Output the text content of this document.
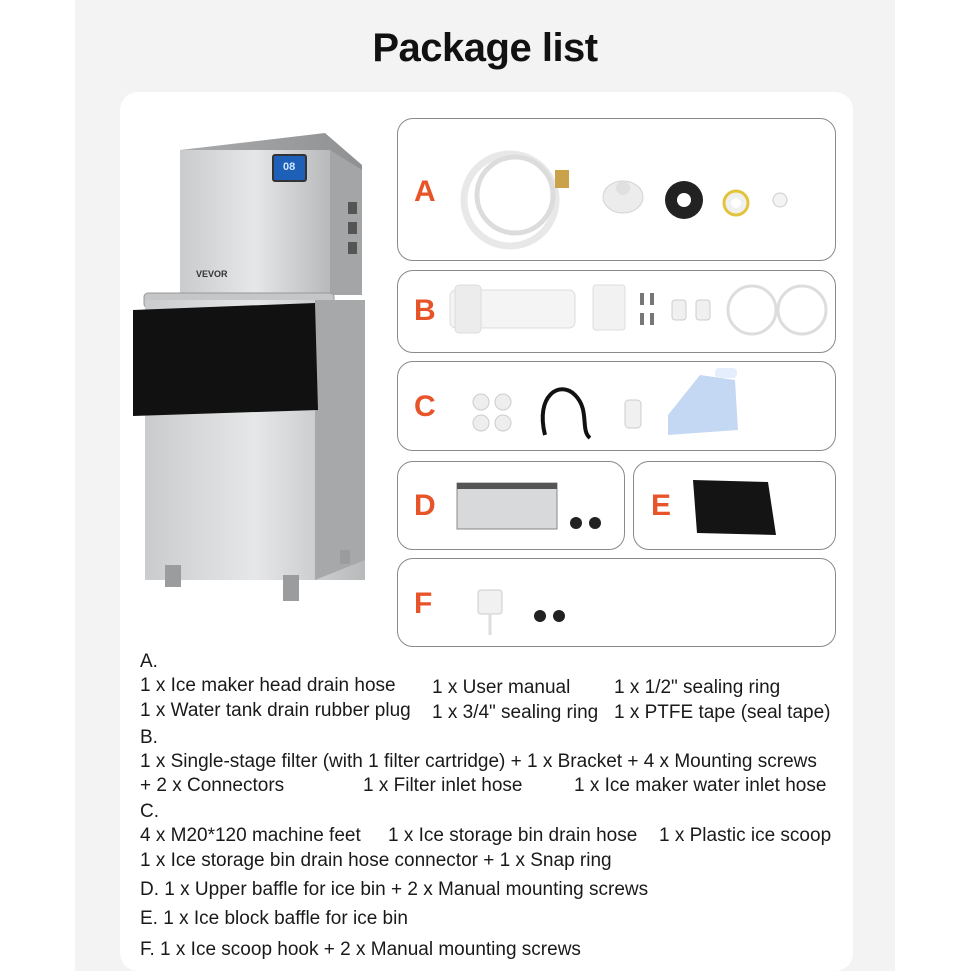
Package list
VEVOR
08
A
B
C
D	E
F
A.
1 x Ice maker head drain hose 1 x User manual 1 x 1/2" sealing ring
1 x Water tank drain rubber plug 1 x 3/4" sealing ring 1 x PTFE tape (seal tape)
B.
1 x Single-stage filter (with 1 filter cartridge) + 1 x Bracket + 4 x Mounting screws
+ 2 x Connectors	1 x Filter inlet hose	1 x Ice maker water inlet hose
C.
4 x M20*120 machine feet 1 x Ice storage bin drain hose 1 x Plastic ice scoop
1 x Ice storage bin drain hose connector + 1 x Snap ring
D. 1 x Upper baffle for ice bin + 2 x Manual mounting screws
E. 1 x Ice block baffle for ice bin
F. 1 x Ice scoop hook + 2 x Manual mounting screws
